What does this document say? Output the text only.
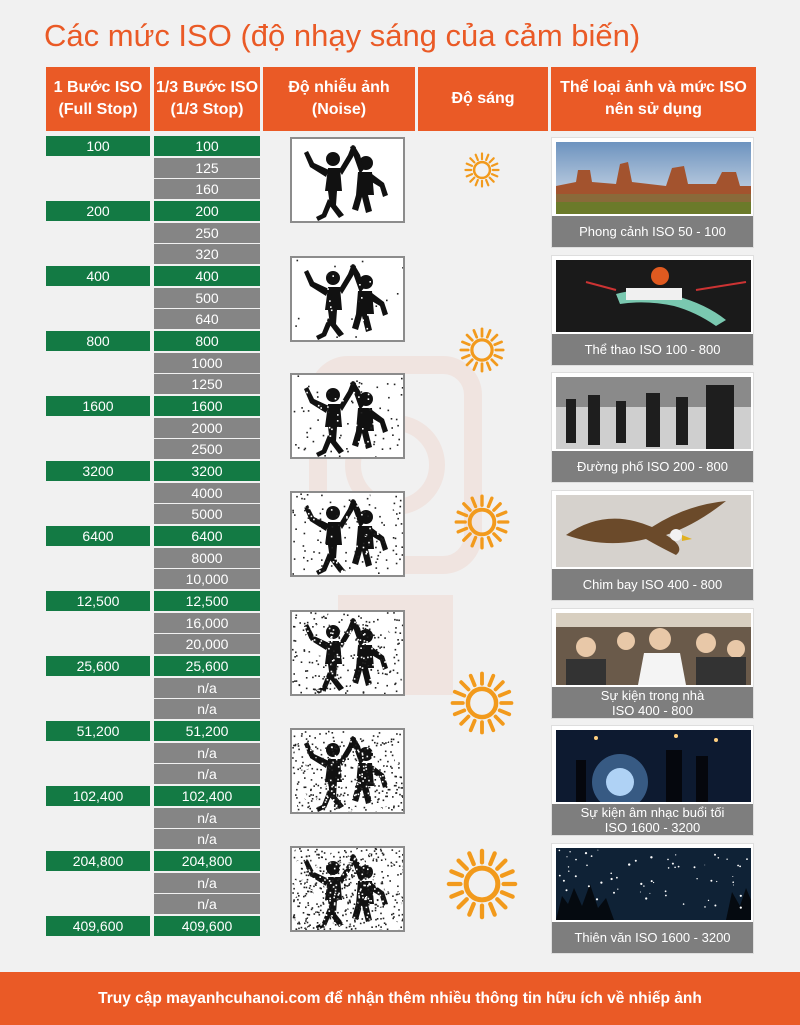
Các mức ISO (độ nhạy sáng của cảm biến)
1 Bước ISO
(Full Stop)
1/3 Bước ISO
(1/3 Stop)
Độ nhiễu ảnh
(Noise)
Độ sáng
Thể loại ảnh và mức ISO
nên sử dụng
100
125
160
200
250
320
400
500
640
800
1000
1250
1600
2000
2500
3200
4000
5000
6400
8000
10,000
12,500
16,000
20,000
25,600
n/a
n/a
51,200
n/a
n/a
102,400
n/a
n/a
204,800
n/a
n/a
409,600
100
200
400
800
1600
3200
6400
12,500
25,600
51,200
102,400
204,800
409,600
Phong cảnh ISO 50 - 100
Thể thao ISO 100 - 800
Đường phố ISO 200 - 800
Chim bay ISO 400 - 800
Sự kiện trong nhà
ISO 400 - 800
Sự kiện âm nhạc buổi tối
ISO 1600 - 3200
Thiên văn ISO 1600 - 3200
Truy cập mayanhcuhanoi.com để nhận thêm nhiều thông tin hữu ích về nhiếp ảnh
